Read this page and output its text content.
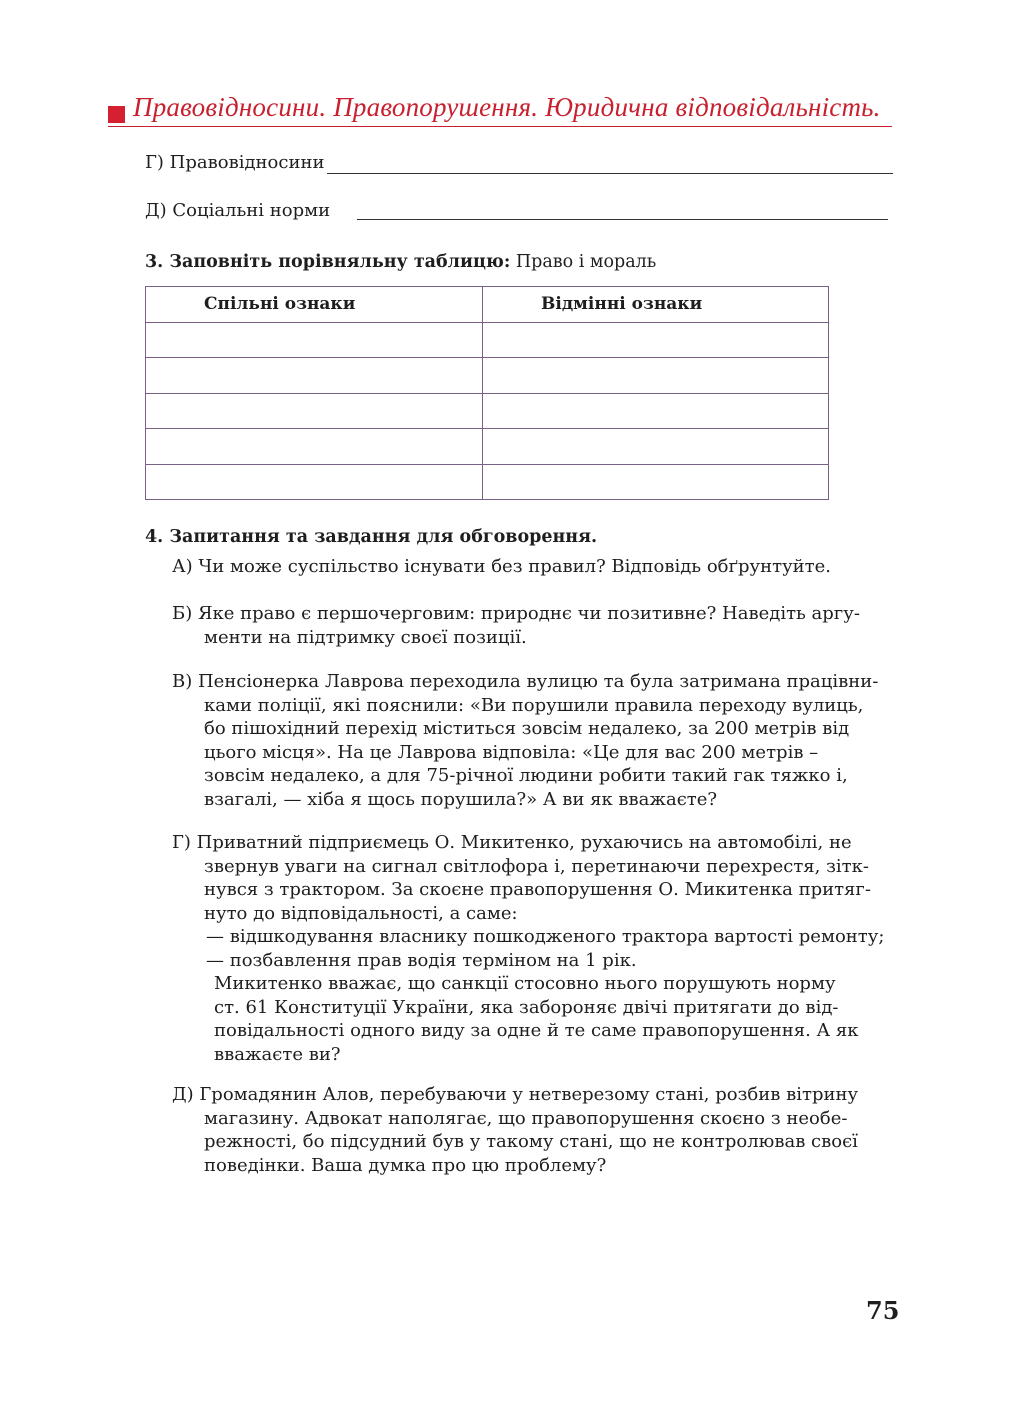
Правовідносини. Правопорушення. Юридична відповідальність.
Г) Правовідносини
Д) Соціальні норми
3. Заповніть порівняльну таблицю: Право і мораль
Спільні ознаки	Відмінні ознаки

4. Запитання та завдання для обговорення.
А) Чи може суспільство існувати без правил? Відповідь обґрунтуйте.
Б) Яке право є першочерговим: природнє чи позитивне? Наведіть аргу-
менти на підтримку своєї позиції.
В) Пенсіонерка Лаврова переходила вулицю та була затримана працівни-
ками поліції, які пояснили: «Ви порушили правила переходу вулиць,
бо пішохідний перехід міститься зовсім недалеко, за 200 метрів від
цього місця». На це Лаврова відповіла: «Це для вас 200 метрів –
зовсім недалеко, а для 75-річної людини робити такий гак тяжко і,
взагалі, — хіба я щось порушила?» А ви як вважаєте?
Г) Приватний підприємець О. Микитенко, рухаючись на автомобілі, не
звернув уваги на сигнал світлофора і, перетинаючи перехрестя, зітк-
нувся з трактором. За скоєне правопорушення О. Микитенка притяг-
нуто до відповідальності, а саме:
— відшкодування власнику пошкодженого трактора вартості ремонту;
— позбавлення прав водія терміном на 1 рік.
Микитенко вважає, що санкції стосовно нього порушують норму
ст. 61 Конституції України, яка забороняє двічі притягати до від-
повідальності одного виду за одне й те саме правопорушення. А як
вважаєте ви?
Д) Громадянин Алов, перебуваючи у нетверезому стані, розбив вітрину
магазину. Адвокат наполягає, що правопорушення скоєно з необе-
режності, бо підсудний був у такому стані, що не контролював своєї
поведінки. Ваша думка про цю проблему?
75
